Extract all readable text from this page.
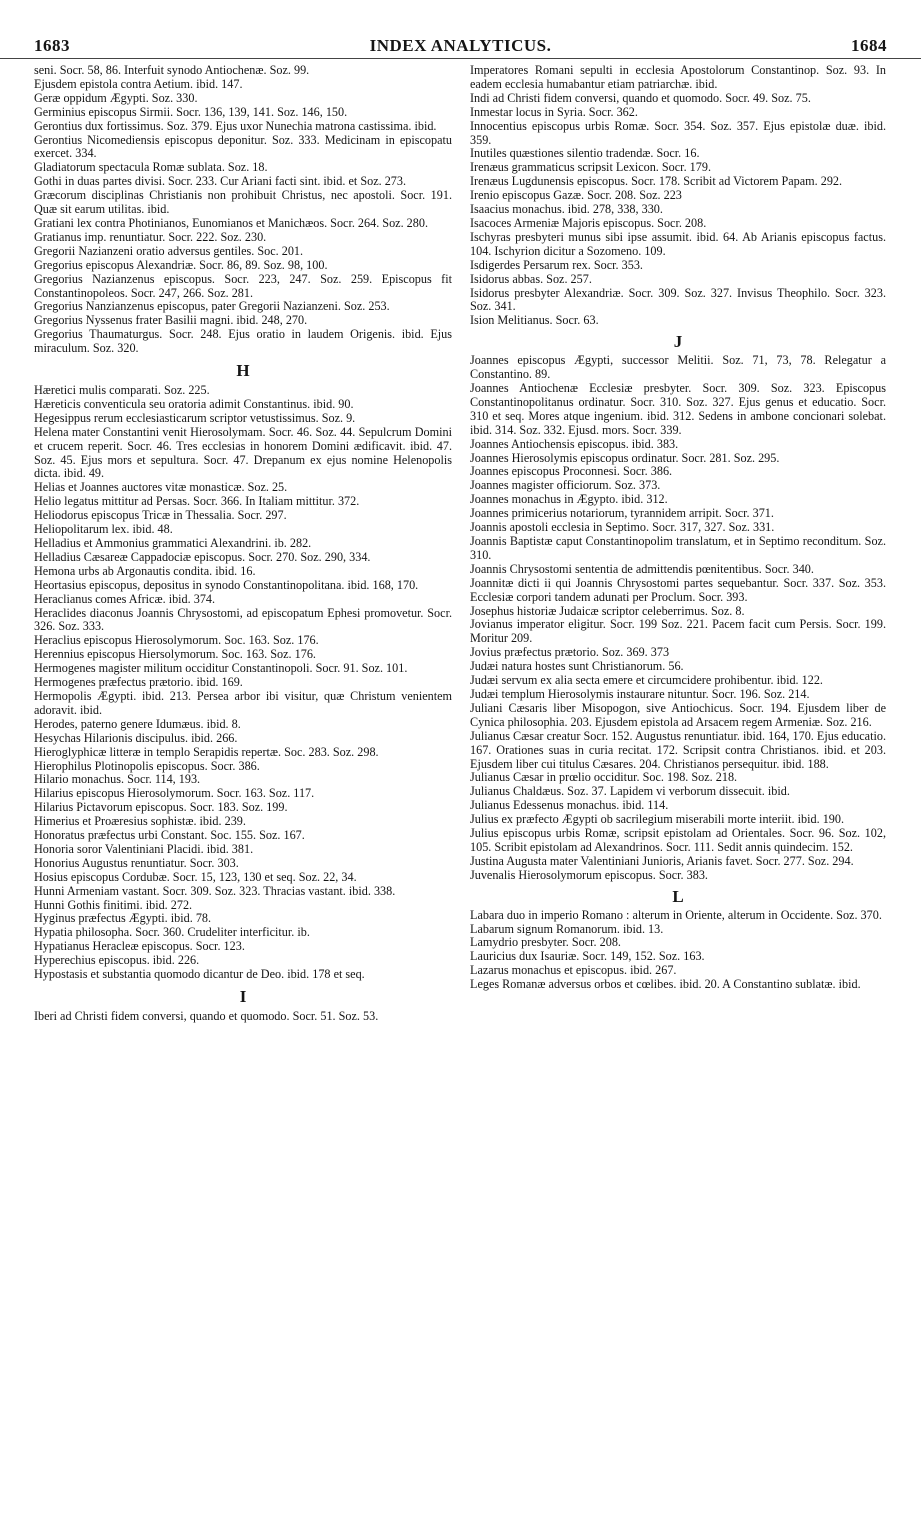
1683	INDEX ANALYTICUS.	1684

seni. Socr. 58, 86. Interfuit synodo Antiochenæ. Soz. 99.

Ejusdem epistola contra Aetium. ibid. 147.

Geræ oppidum Ægypti. Soz. 330.

Germinius episcopus Sirmii. Socr. 136, 139, 141. Soz. 146, 150.

Gerontius dux fortissimus. Soz. 379. Ejus uxor Nunechia matrona castissima. ibid.

Gerontius Nicomediensis episcopus deponitur. Soz. 333. Medicinam in episcopatu exercet. 334.

Gladiatorum spectacula Romæ sublata. Soz. 18.

Gothi in duas partes divisi. Socr. 233. Cur Ariani facti sint. ibid. et Soz. 273.

Græcorum disciplinas Christianis non prohibuit Christus, nec apostoli. Socr. 191. Quæ sit earum utilitas. ibid.

Gratiani lex contra Photinianos, Eunomianos et Manichæos. Socr. 264. Soz. 280.

Gratianus imp. renuntiatur. Socr. 222. Soz. 230.

Gregorii Nazianzeni oratio adversus gentiles. Soc. 201.

Gregorius episcopus Alexandriæ. Socr. 86, 89. Soz. 98, 100.

Gregorius Nazianzenus episcopus. Socr. 223, 247. Soz. 259. Episcopus fit Constantinopoleos. Socr. 247, 266. Soz. 281.

Gregorius Nanzianzenus episcopus, pater Gregorii Nazianzeni. Soz. 253.

Gregorius Nyssenus frater Basilii magni. ibid. 248, 270.

Gregorius Thaumaturgus. Socr. 248. Ejus oratio in laudem Origenis. ibid. Ejus miraculum. Soz. 320.

H

Hæretici mulis comparati. Soz. 225.

Hæreticis conventicula seu oratoria adimit Constantinus. ibid. 90.

Hegesippus rerum ecclesiasticarum scriptor vetustissimus. Soz. 9.

Helena mater Constantini venit Hierosolymam. Socr. 46. Soz. 44. Sepulcrum Domini et crucem reperit. Socr. 46. Tres ecclesias in honorem Domini ædificavit. ibid. 47. Soz. 45. Ejus mors et sepultura. Socr. 47. Drepanum ex ejus nomine Helenopolis dicta. ibid. 49.

Helias et Joannes auctores vitæ monasticæ. Soz. 25.

Helio legatus mittitur ad Persas. Socr. 366. In Italiam mittitur. 372.

Heliodorus episcopus Tricæ in Thessalia. Socr. 297.

Heliopolitarum lex. ibid. 48.

Helladius et Ammonius grammatici Alexandrini. ib. 282.

Helladius Cæsareæ Cappadociæ episcopus. Socr. 270. Soz. 290, 334.

Hemona urbs ab Argonautis condita. ibid. 16.

Heortasius episcopus, depositus in synodo Constantinopolitana. ibid. 168, 170.

Heraclianus comes Africæ. ibid. 374.

Heraclides diaconus Joannis Chrysostomi, ad episcopatum Ephesi promovetur. Socr. 326. Soz. 333.

Heraclius episcopus Hierosolymorum. Soc. 163. Soz. 176.

Herennius episcopus Hiersolymorum. Soc. 163. Soz. 176.

Hermogenes magister militum occiditur Constantinopoli. Socr. 91. Soz. 101.

Hermogenes præfectus prætorio. ibid. 169.

Hermopolis Ægypti. ibid. 213. Persea arbor ibi visitur, quæ Christum venientem adoravit. ibid.

Herodes, paterno genere Idumæus. ibid. 8.

Hesychas Hilarionis discipulus. ibid. 266.

Hieroglyphicæ litteræ in templo Serapidis repertæ. Soc. 283. Soz. 298.

Hierophilus Plotinopolis episcopus. Socr. 386.

Hilario monachus. Socr. 114, 193.

Hilarius episcopus Hierosolymorum. Socr. 163. Soz. 117.

Hilarius Pictavorum episcopus. Socr. 183. Soz. 199.

Himerius et Proæresius sophistæ. ibid. 239.

Honoratus præfectus urbi Constant. Soc. 155. Soz. 167.

Honoria soror Valentiniani Placidi. ibid. 381.

Honorius Augustus renuntiatur. Socr. 303.

Hosius episcopus Cordubæ. Socr. 15, 123, 130 et seq. Soz. 22, 34.

Hunni Armeniam vastant. Socr. 309. Soz. 323. Thracias vastant. ibid. 338.

Hunni Gothis finitimi. ibid. 272.

Hyginus præfectus Ægypti. ibid. 78.

Hypatia philosopha. Socr. 360. Crudeliter interficitur. ib.

Hypatianus Heracleæ episcopus. Socr. 123.

Hyperechius episcopus. ibid. 226.

Hypostasis et substantia quomodo dicantur de Deo. ibid. 178 et seq.

I

Iberi ad Christi fidem conversi, quando et quomodo. Socr. 51. Soz. 53.

Imperatores Romani sepulti in ecclesia Apostolorum Constantinop. Soz. 93. In eadem ecclesia humabantur etiam patriarchæ. ibid.

Indi ad Christi fidem conversi, quando et quomodo. Socr. 49. Soz. 75.

Inmestar locus in Syria. Socr. 362.

Innocentius episcopus urbis Romæ. Socr. 354. Soz. 357. Ejus epistolæ duæ. ibid. 359.

Inutiles quæstiones silentio tradendæ. Socr. 16.

Irenæus grammaticus scripsit Lexicon. Socr. 179.

Irenæus Lugdunensis episcopus. Socr. 178. Scribit ad Victorem Papam. 292.

Irenio episcopus Gazæ. Socr. 208. Soz. 223

Isaacius monachus. ibid. 278, 338, 330.

Isacoces Armeniæ Majoris episcopus. Socr. 208.

Ischyras presbyteri munus sibi ipse assumit. ibid. 64. Ab Arianis episcopus factus. 104. Ischyrion dicitur a Sozomeno. 109.

Isdigerdes Persarum rex. Socr. 353.

Isidorus abbas. Soz. 257.

Isidorus presbyter Alexandriæ. Socr. 309. Soz. 327. Invisus Theophilo. Socr. 323. Soz. 341.

Ision Melitianus. Socr. 63.

J

Joannes episcopus Ægypti, successor Melitii. Soz. 71, 73, 78. Relegatur a Constantino. 89.

Joannes Antiochenæ Ecclesiæ presbyter. Socr. 309. Soz. 323. Episcopus Constantinopolitanus ordinatur. Socr. 310. Soz. 327. Ejus genus et educatio. Socr. 310 et seq. Mores atque ingenium. ibid. 312. Sedens in ambone concionari solebat. ibid. 314. Soz. 332. Ejusd. mors. Socr. 339.

Joannes Antiochensis episcopus. ibid. 383.

Joannes Hierosolymis episcopus ordinatur. Socr. 281. Soz. 295.

Joannes episcopus Proconnesi. Socr. 386.

Joannes magister officiorum. Soz. 373.

Joannes monachus in Ægypto. ibid. 312.

Joannes primicerius notariorum, tyrannidem arripit. Socr. 371.

Joannis apostoli ecclesia in Septimo. Socr. 317, 327. Soz. 331.

Joannis Baptistæ caput Constantinopolim translatum, et in Septimo reconditum. Soz. 310.

Joannis Chrysostomi sententia de admittendis pœnitentibus. Socr. 340.

Joannitæ dicti ii qui Joannis Chrysostomi partes sequebantur. Socr. 337. Soz. 353. Ecclesiæ corpori tandem adunati per Proclum. Socr. 393.

Josephus historiæ Judaicæ scriptor celeberrimus. Soz. 8.

Jovianus imperator eligitur. Socr. 199 Soz. 221. Pacem facit cum Persis. Socr. 199. Moritur 209.

Jovius præfectus prætorio. Soz. 369. 373

Judæi natura hostes sunt Christianorum. 56.

Judæi servum ex alia secta emere et circumcidere prohibentur. ibid. 122.

Judæi templum Hierosolymis instaurare nituntur. Socr. 196. Soz. 214.

Juliani Cæsaris liber Misopogon, sive Antiochicus. Socr. 194. Ejusdem liber de Cynica philosophia. 203. Ejusdem epistola ad Arsacem regem Armeniæ. Soz. 216.

Julianus Cæsar creatur Socr. 152. Augustus renuntiatur. ibid. 164, 170. Ejus educatio. 167. Orationes suas in curia recitat. 172. Scripsit contra Christianos. ibid. et 203. Ejusdem liber cui titulus Cæsares. 204. Christianos persequitur. ibid. 188.

Julianus Cæsar in prœlio occiditur. Soc. 198. Soz. 218.

Julianus Chaldæus. Soz. 37. Lapidem vi verborum dissecuit. ibid.

Julianus Edessenus monachus. ibid. 114.

Julius ex præfecto Ægypti ob sacrilegium miserabili morte interiit. ibid. 190.

Julius episcopus urbis Romæ, scripsit epistolam ad Orientales. Socr. 96. Soz. 102, 105. Scribit epistolam ad Alexandrinos. Socr. 111. Sedit annis quindecim. 152.

Justina Augusta mater Valentiniani Junioris, Arianis favet. Socr. 277. Soz. 294.

Juvenalis Hierosolymorum episcopus. Socr. 383.

L

Labara duo in imperio Romano : alterum in Oriente, alterum in Occidente. Soz. 370.

Labarum signum Romanorum. ibid. 13.

Lamydrio presbyter. Socr. 208.

Lauricius dux Isauriæ. Socr. 149, 152. Soz. 163.

Lazarus monachus et episcopus. ibid. 267.

Leges Romanæ adversus orbos et cœlibes. ibid. 20. A Constantino sublatæ. ibid.
